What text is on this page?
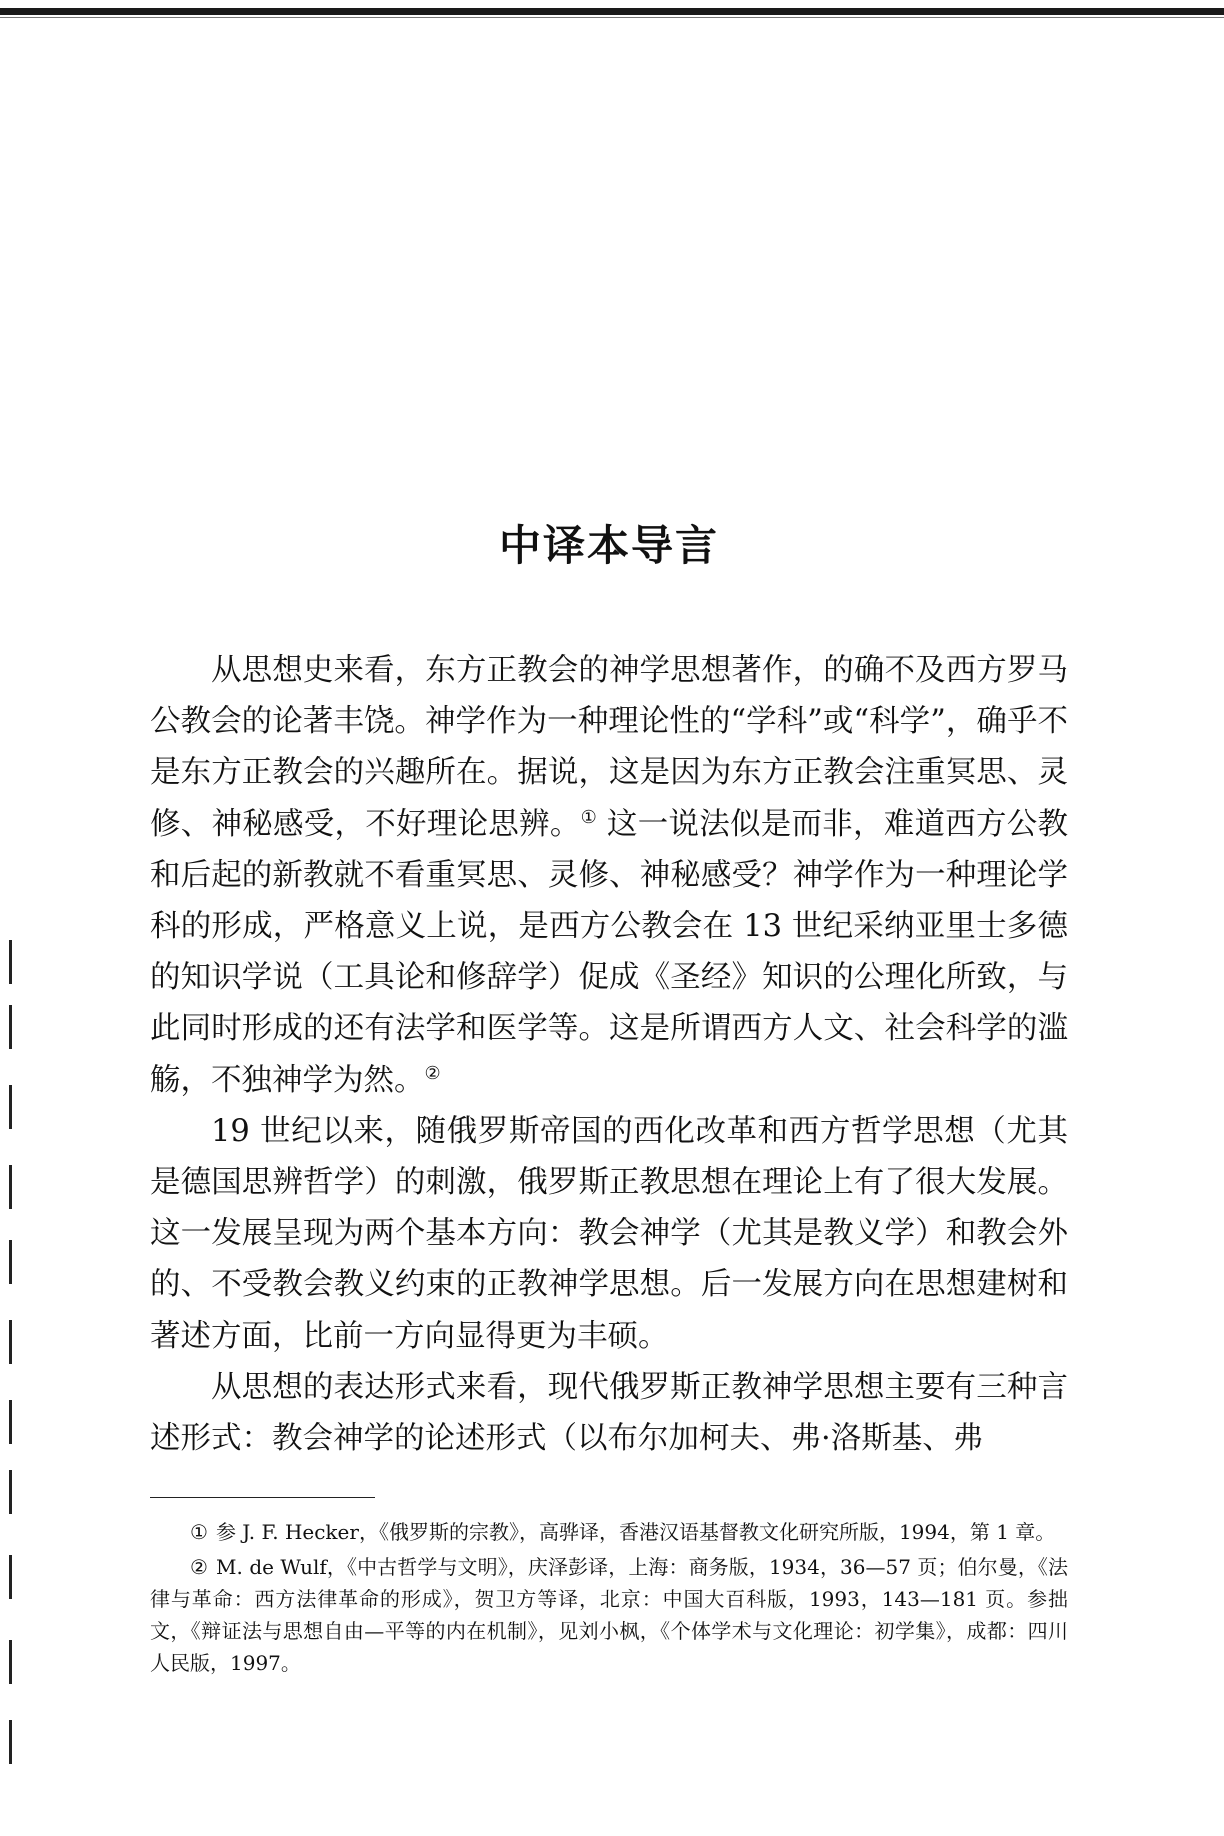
中译本导言

从思想史来看，东方正教会的神学思想著作，的确不及西方罗马公教会的论著丰饶。神学作为一种理论性的“学科”或“科学”，确乎不是东方正教会的兴趣所在。据说，这是因为东方正教会注重冥思、灵修、神秘感受，不好理论思辨。① 这一说法似是而非，难道西方公教和后起的新教就不看重冥思、灵修、神秘感受？神学作为一种理论学科的形成，严格意义上说，是西方公教会在 13 世纪采纳亚里士多德的知识学说（工具论和修辞学）促成《圣经》知识的公理化所致，与此同时形成的还有法学和医学等。这是所谓西方人文、社会科学的滥觞，不独神学为然。②

19 世纪以来，随俄罗斯帝国的西化改革和西方哲学思想（尤其是德国思辨哲学）的刺激，俄罗斯正教思想在理论上有了很大发展。这一发展呈现为两个基本方向：教会神学（尤其是教义学）和教会外的、不受教会教义约束的正教神学思想。后一发展方向在思想建树和著述方面，比前一方向显得更为丰硕。

从思想的表达形式来看，现代俄罗斯正教神学思想主要有三种言述形式：教会神学的论述形式（以布尔加柯夫、弗·洛斯基、弗

① 参 J. F. Hecker，《俄罗斯的宗教》，高骅译，香港汉语基督教文化研究所版，1994，第 1 章。

② M. de Wulf，《中古哲学与文明》，庆泽彭译，上海：商务版，1934，36—57 页；伯尔曼，《法律与革命：西方法律革命的形成》，贺卫方等译，北京：中国大百科版，1993，143—181 页。参拙文，《辩证法与思想自由—平等的内在机制》，见刘小枫，《个体学术与文化理论：初学集》，成都：四川人民版，1997。
